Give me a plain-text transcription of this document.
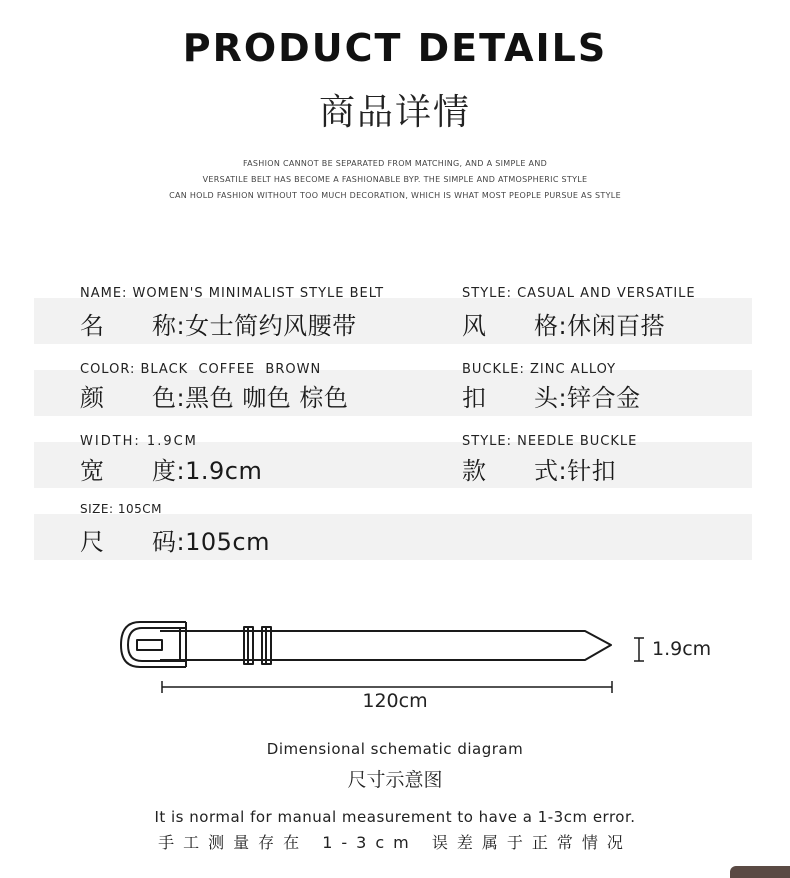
PRODUCT DETAILS
商品详情
FASHION CANNOT BE SEPARATED FROM MATCHING, AND A SIMPLE AND
VERSATILE BELT HAS BECOME A FASHIONABLE BYP. THE SIMPLE AND ATMOSPHERIC STYLE
CAN HOLD FASHION WITHOUT TOO MUCH DECORATION, WHICH IS WHAT MOST PEOPLE PURSUE AS STYLE
NAME: WOMEN'S MINIMALIST STYLE BELT
名	称: 女士简约风腰带
STYLE: CASUAL AND VERSATILE
风	格: 休闲百搭
COLOR: BLACK  COFFEE  BROWN
颜	色: 黑色 咖色 棕色
BUCKLE: ZINC ALLOY
扣	头: 锌合金
WIDTH: 1.9CM
宽	度: 1.9cm
STYLE: NEEDLE BUCKLE
款	式: 针扣
SIZE: 105CM
尺	码: 105cm
1.9cm
120cm
Dimensional schematic diagram
尺寸示意图
It is normal for manual measurement to have a 1-3cm error.
手工测量存在 1-3cm 误差属于正常情况
